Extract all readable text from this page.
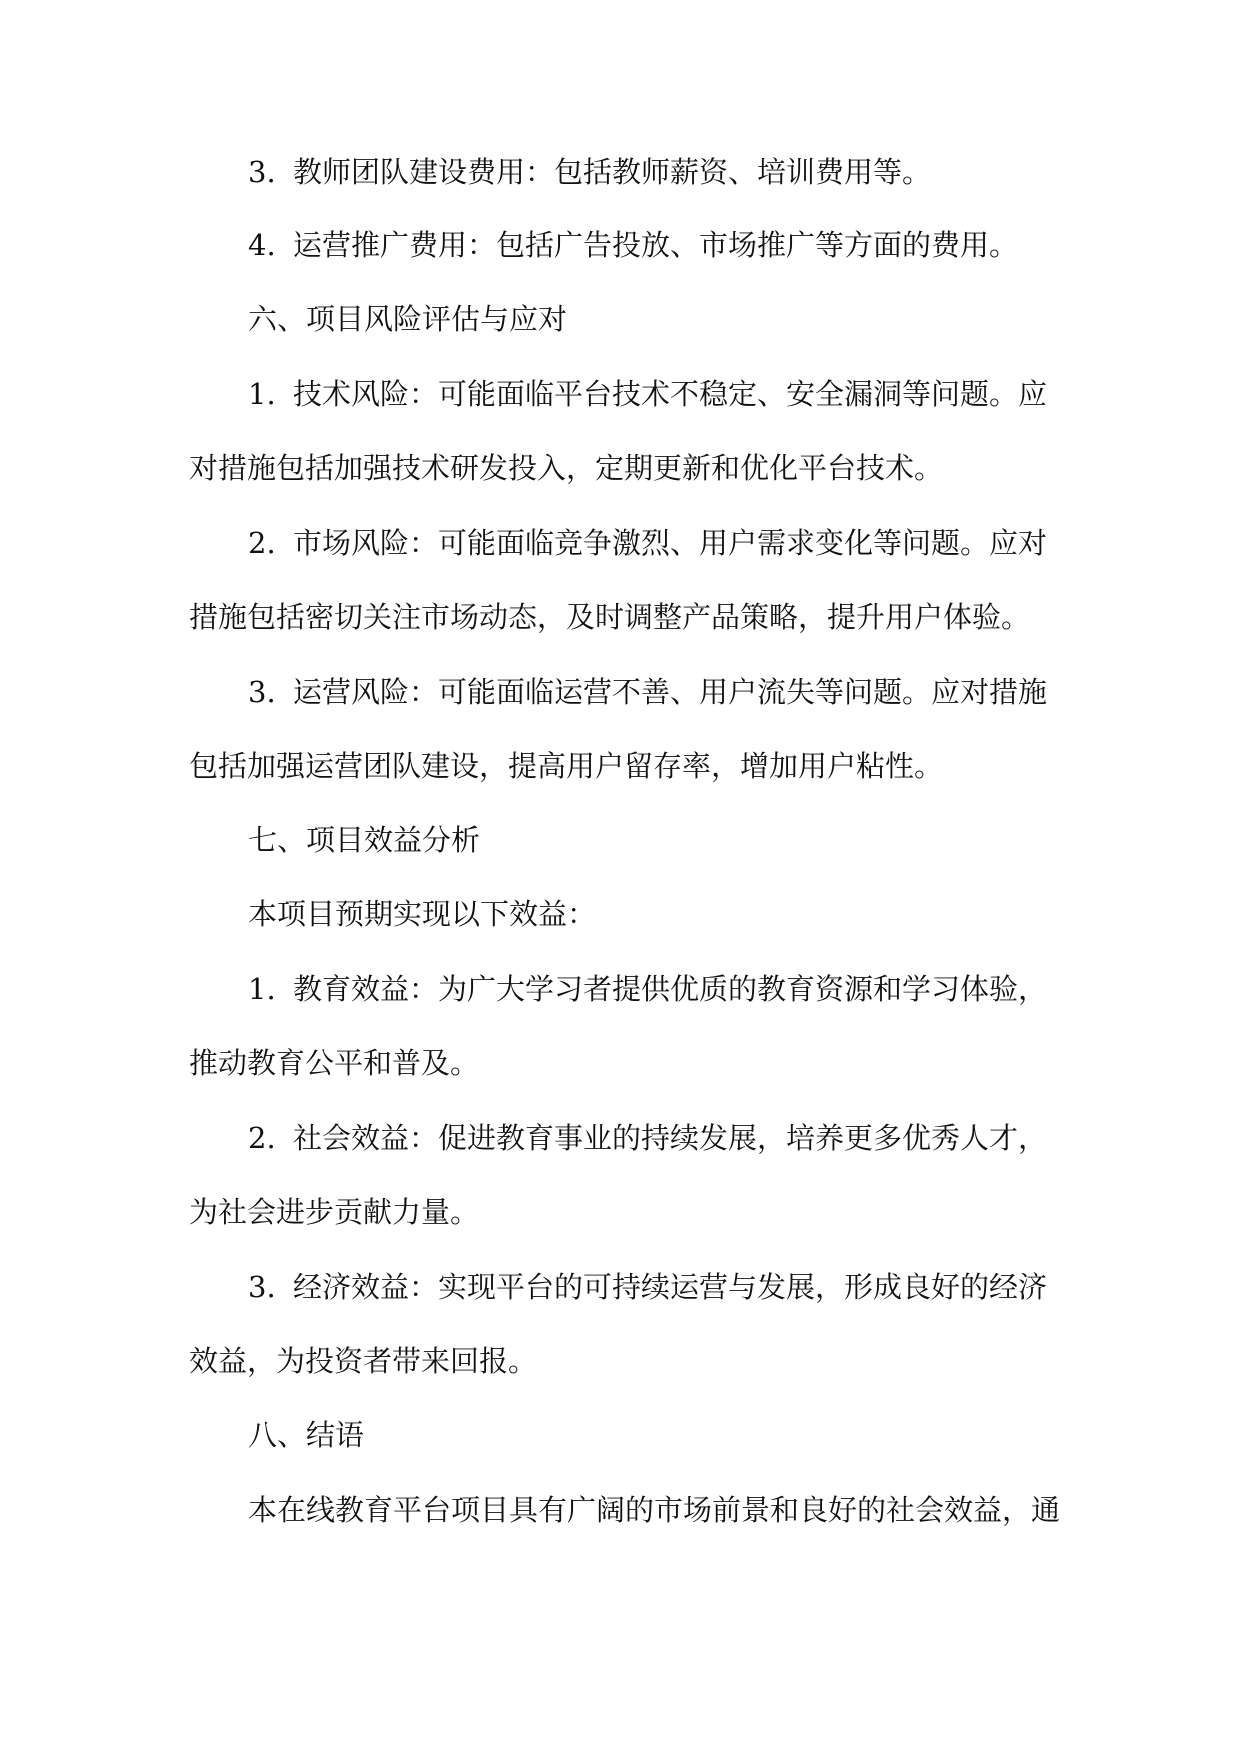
3. 教师团队建设费用：包括教师薪资、培训费用等。
4. 运营推广费用：包括广告投放、市场推广等方面的费用。
六、项目风险评估与应对
1. 技术风险：可能面临平台技术不稳定、安全漏洞等问题。应
对措施包括加强技术研发投入，定期更新和优化平台技术。
2. 市场风险：可能面临竞争激烈、用户需求变化等问题。应对
措施包括密切关注市场动态，及时调整产品策略，提升用户体验。
3. 运营风险：可能面临运营不善、用户流失等问题。应对措施
包括加强运营团队建设，提高用户留存率，增加用户粘性。
七、项目效益分析
本项目预期实现以下效益：
1. 教育效益：为广大学习者提供优质的教育资源和学习体验，
推动教育公平和普及。
2. 社会效益：促进教育事业的持续发展，培养更多优秀人才，
为社会进步贡献力量。
3. 经济效益：实现平台的可持续运营与发展，形成良好的经济
效益，为投资者带来回报。
八、结语
本在线教育平台项目具有广阔的市场前景和良好的社会效益，通
